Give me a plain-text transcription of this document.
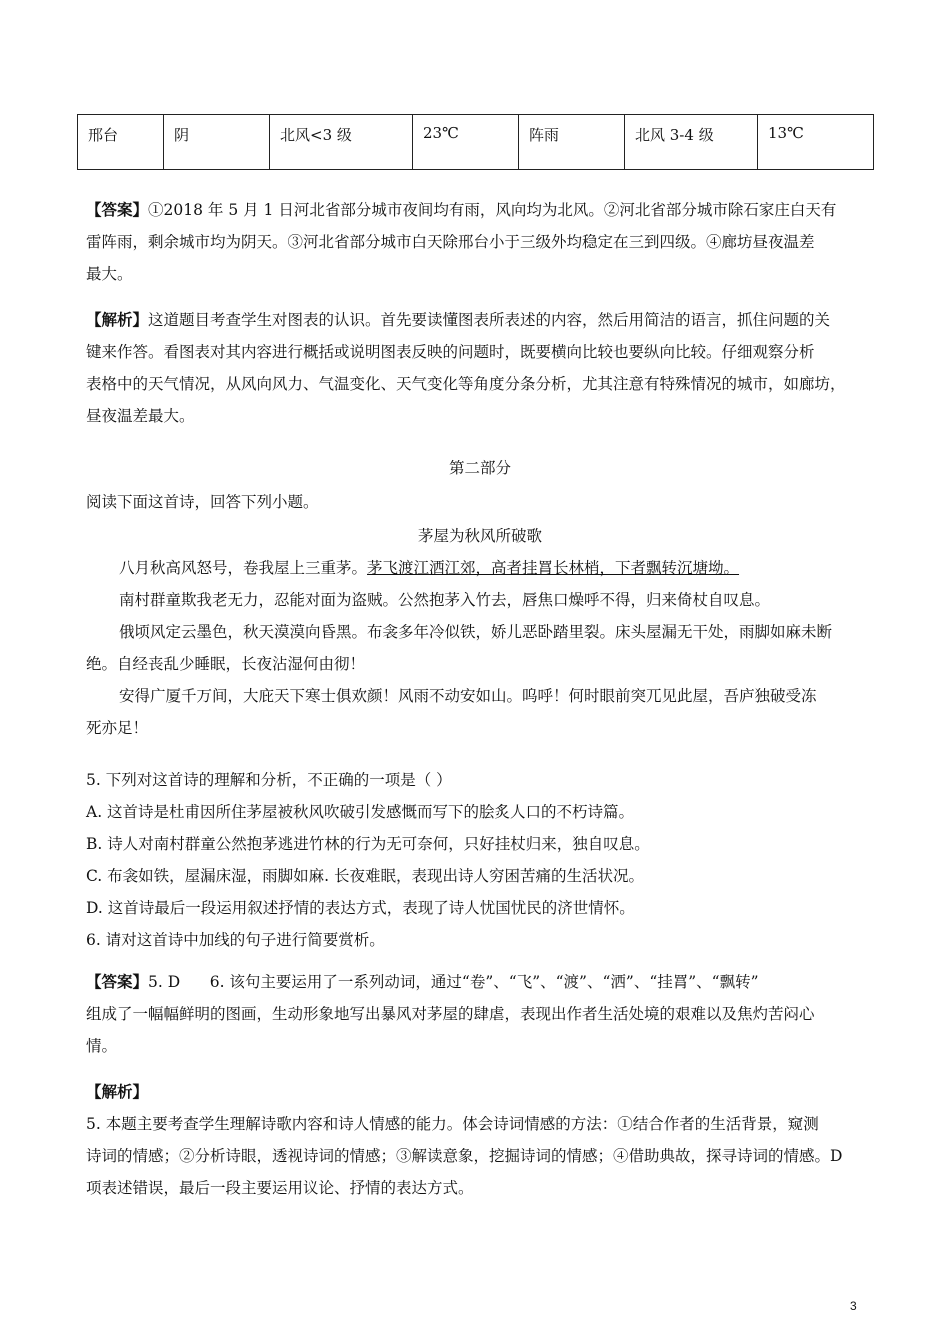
邢台	阴	北风<3 级	23℃	阵雨	北风 3-4 级	13℃
【答案】①2018 年 5 月 1 日河北省部分城市夜间均有雨，风向均为北风。②河北省部分城市除石家庄白天有
雷阵雨，剩余城市均为阴天。③河北省部分城市白天除邢台小于三级外均稳定在三到四级。④廊坊昼夜温差
最大。
【解析】这道题目考查学生对图表的认识。首先要读懂图表所表述的内容，然后用简洁的语言，抓住问题的关
键来作答。看图表对其内容进行概括或说明图表反映的问题时，既要横向比较也要纵向比较。仔细观察分析
表格中的天气情况，从风向风力、气温变化、天气变化等角度分条分析，尤其注意有特殊情况的城市，如廊坊，
昼夜温差最大。
第二部分
阅读下面这首诗，回答下列小题。
茅屋为秋风所破歌
八月秋高风怒号，卷我屋上三重茅。茅飞渡江洒江郊，高者挂罥长林梢，下者飘转沉塘坳。
南村群童欺我老无力，忍能对面为盗贼。公然抱茅入竹去，唇焦口燥呼不得，归来倚杖自叹息。
俄顷风定云墨色，秋天漠漠向昏黑。布衾多年冷似铁，娇儿恶卧踏里裂。床头屋漏无干处，雨脚如麻未断
绝。自经丧乱少睡眠，长夜沾湿何由彻！
安得广厦千万间，大庇天下寒士俱欢颜！风雨不动安如山。呜呼！何时眼前突兀见此屋，吾庐独破受冻
死亦足！
5. 下列对这首诗的理解和分析，不正确的一项是（ ）
A. 这首诗是杜甫因所住茅屋被秋风吹破引发感慨而写下的脍炙人口的不朽诗篇。
B. 诗人对南村群童公然抱茅逃进竹林的行为无可奈何，只好挂杖归来，独自叹息。
C. 布衾如铁，屋漏床湿，雨脚如麻. 长夜难眠，表现出诗人穷困苦痛的生活状况。
D. 这首诗最后一段运用叙述抒情的表达方式，表现了诗人忧国忧民的济世情怀。
6. 请对这首诗中加线的句子进行简要赏析。
【答案】5. D      6. 该句主要运用了一系列动词，通过“卷”、“飞”、“渡”、“洒”、“挂罥”、“飘转”
组成了一幅幅鲜明的图画，生动形象地写出暴风对茅屋的肆虐，表现出作者生活处境的艰难以及焦灼苦闷心
情。
【解析】
5. 本题主要考查学生理解诗歌内容和诗人情感的能力。体会诗词情感的方法：①结合作者的生活背景，窥测
诗词的情感；②分析诗眼，透视诗词的情感；③解读意象，挖掘诗词的情感；④借助典故，探寻诗词的情感。D
项表述错误，最后一段主要运用议论、抒情的表达方式。
3
